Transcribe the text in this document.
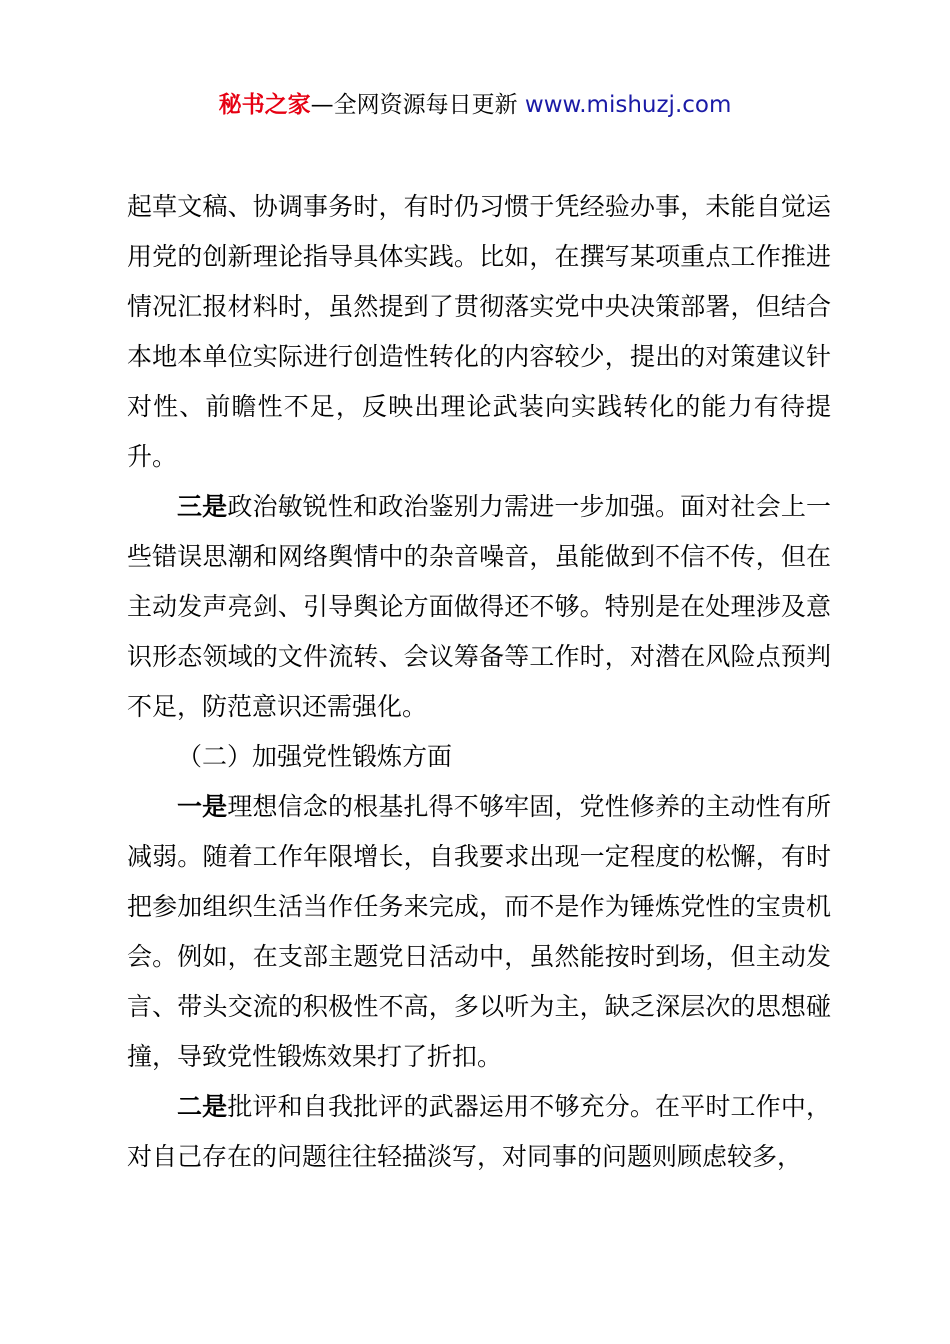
秘书之家—全网资源每日更新 www.mishuzj.com

起草文稿、协调事务时，有时仍习惯于凭经验办事，未能自觉运用党的创新理论指导具体实践。比如，在撰写某项重点工作推进情况汇报材料时，虽然提到了贯彻落实党中央决策部署，但结合本地本单位实际进行创造性转化的内容较少，提出的对策建议针对性、前瞻性不足，反映出理论武装向实践转化的能力有待提升。

三是政治敏锐性和政治鉴别力需进一步加强。面对社会上一些错误思潮和网络舆情中的杂音噪音，虽能做到不信不传，但在主动发声亮剑、引导舆论方面做得还不够。特别是在处理涉及意识形态领域的文件流转、会议筹备等工作时，对潜在风险点预判不足，防范意识还需强化。

（二）加强党性锻炼方面

一是理想信念的根基扎得不够牢固，党性修养的主动性有所减弱。随着工作年限增长，自我要求出现一定程度的松懈，有时把参加组织生活当作任务来完成，而不是作为锤炼党性的宝贵机会。例如，在支部主题党日活动中，虽然能按时到场，但主动发言、带头交流的积极性不高，多以听为主，缺乏深层次的思想碰撞，导致党性锻炼效果打了折扣。

二是批评和自我批评的武器运用不够充分。在平时工作中，对自己存在的问题往往轻描淡写，对同事的问题则顾虑较多，
